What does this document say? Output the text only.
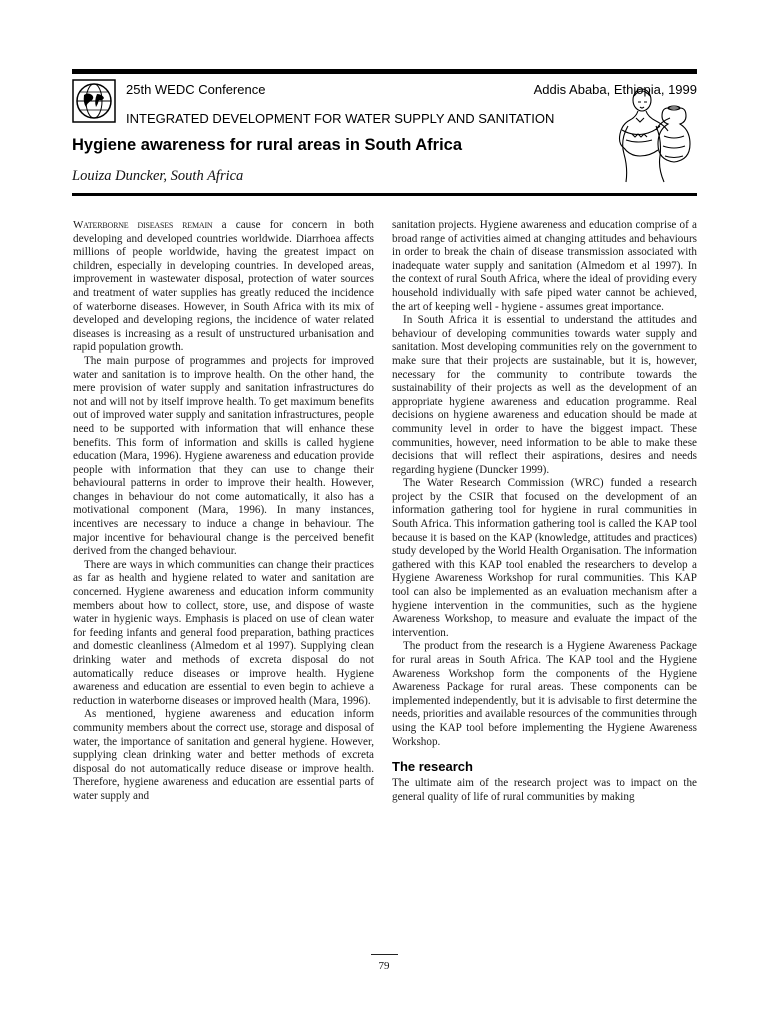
25th WEDC Conference	Addis Ababa, Ethiopia, 1999
INTEGRATED DEVELOPMENT FOR WATER SUPPLY AND SANITATION
Hygiene awareness for rural areas in South Africa
Louiza Duncker, South Africa

Waterborne diseases remain a cause for concern in both developing and developed countries worldwide. Diarrhoea affects millions of people worldwide, having the greatest impact on children, especially in developing countries. In developed areas, improvement in wastewater disposal, protection of water sources and treatment of water supplies has greatly reduced the incidence of waterborne diseases. However, in South Africa with its mix of developed and developing regions, the incidence of water related diseases is increasing as a result of unstructured urbanisation and rapid population growth.

The main purpose of programmes and projects for improved water and sanitation is to improve health. On the other hand, the mere provision of water supply and sanitation infrastructures do not and will not by itself improve health. To get maximum benefits out of improved water supply and sanitation infrastructures, people need to be supported with information that will enhance these benefits. This form of information and skills is called hygiene education (Mara, 1996). Hygiene awareness and education provide people with information that they can use to change their behavioural patterns in order to improve their health. However, changes in behaviour do not come automatically, it also has a motivational component (Mara, 1996). In many instances, incentives are necessary to induce a change in behaviour. The major incentive for behavioural change is the perceived benefit derived from the changed behaviour.

There are ways in which communities can change their practices as far as health and hygiene related to water and sanitation are concerned. Hygiene awareness and education inform community members about how to collect, store, use, and dispose of waste water in hygienic ways. Emphasis is placed on use of clean water for feeding infants and general food preparation, bathing practices and domestic cleanliness (Almedom et al 1997). Supplying clean drinking water and methods of excreta disposal do not automatically reduce diseases or improve health. Hygiene awareness and education are essential to even begin to achieve a reduction in waterborne diseases or improved health (Mara, 1996).

As mentioned, hygiene awareness and education inform community members about the correct use, storage and disposal of water, the importance of sanitation and general hygiene. However, supplying clean drinking water and better methods of excreta disposal do not automatically reduce disease or improve health. Therefore, hygiene awareness and education are essential parts of water supply and

sanitation projects. Hygiene awareness and education comprise of a broad range of activities aimed at changing attitudes and behaviours in order to break the chain of disease transmission associated with inadequate water supply and sanitation (Almedom et al 1997). In the context of rural South Africa, where the ideal of providing every household individually with safe piped water cannot be achieved, the art of keeping well - hygiene - assumes great importance.

In South Africa it is essential to understand the attitudes and behaviour of developing communities towards water supply and sanitation. Most developing communities rely on the government to make sure that their projects are sustainable, but it is, however, necessary for the community to contribute towards the sustainability of their projects as well as the development of an appropriate hygiene awareness and education programme. Real decisions on hygiene awareness and education should be made at community level in order to have the biggest impact. These communities, however, need information to be able to make these decisions that will reflect their aspirations, desires and needs regarding hygiene (Duncker 1999).

The Water Research Commission (WRC) funded a research project by the CSIR that focused on the development of an information gathering tool for hygiene in rural communities in South Africa. This information gathering tool is called the KAP tool because it is based on the KAP (knowledge, attitudes and practices) study developed by the World Health Organisation. The information gathered with this KAP tool enabled the researchers to develop a Hygiene Awareness Workshop for rural communities. This KAP tool can also be implemented as an evaluation mechanism after a hygiene intervention in the communities, such as the hygiene Awareness Workshop, to measure and evaluate the impact of the intervention.

The product from the research is a Hygiene Awareness Package for rural areas in South Africa. The KAP tool and the Hygiene Awareness Workshop form the components of the Hygiene Awareness Package for rural areas. These components can be implemented independently, but it is advisable to first determine the needs, priorities and available resources of the communities through using the KAP tool before implementing the Hygiene Awareness Workshop.

The research

The ultimate aim of the research project was to impact on the general quality of life of rural communities by making

79
